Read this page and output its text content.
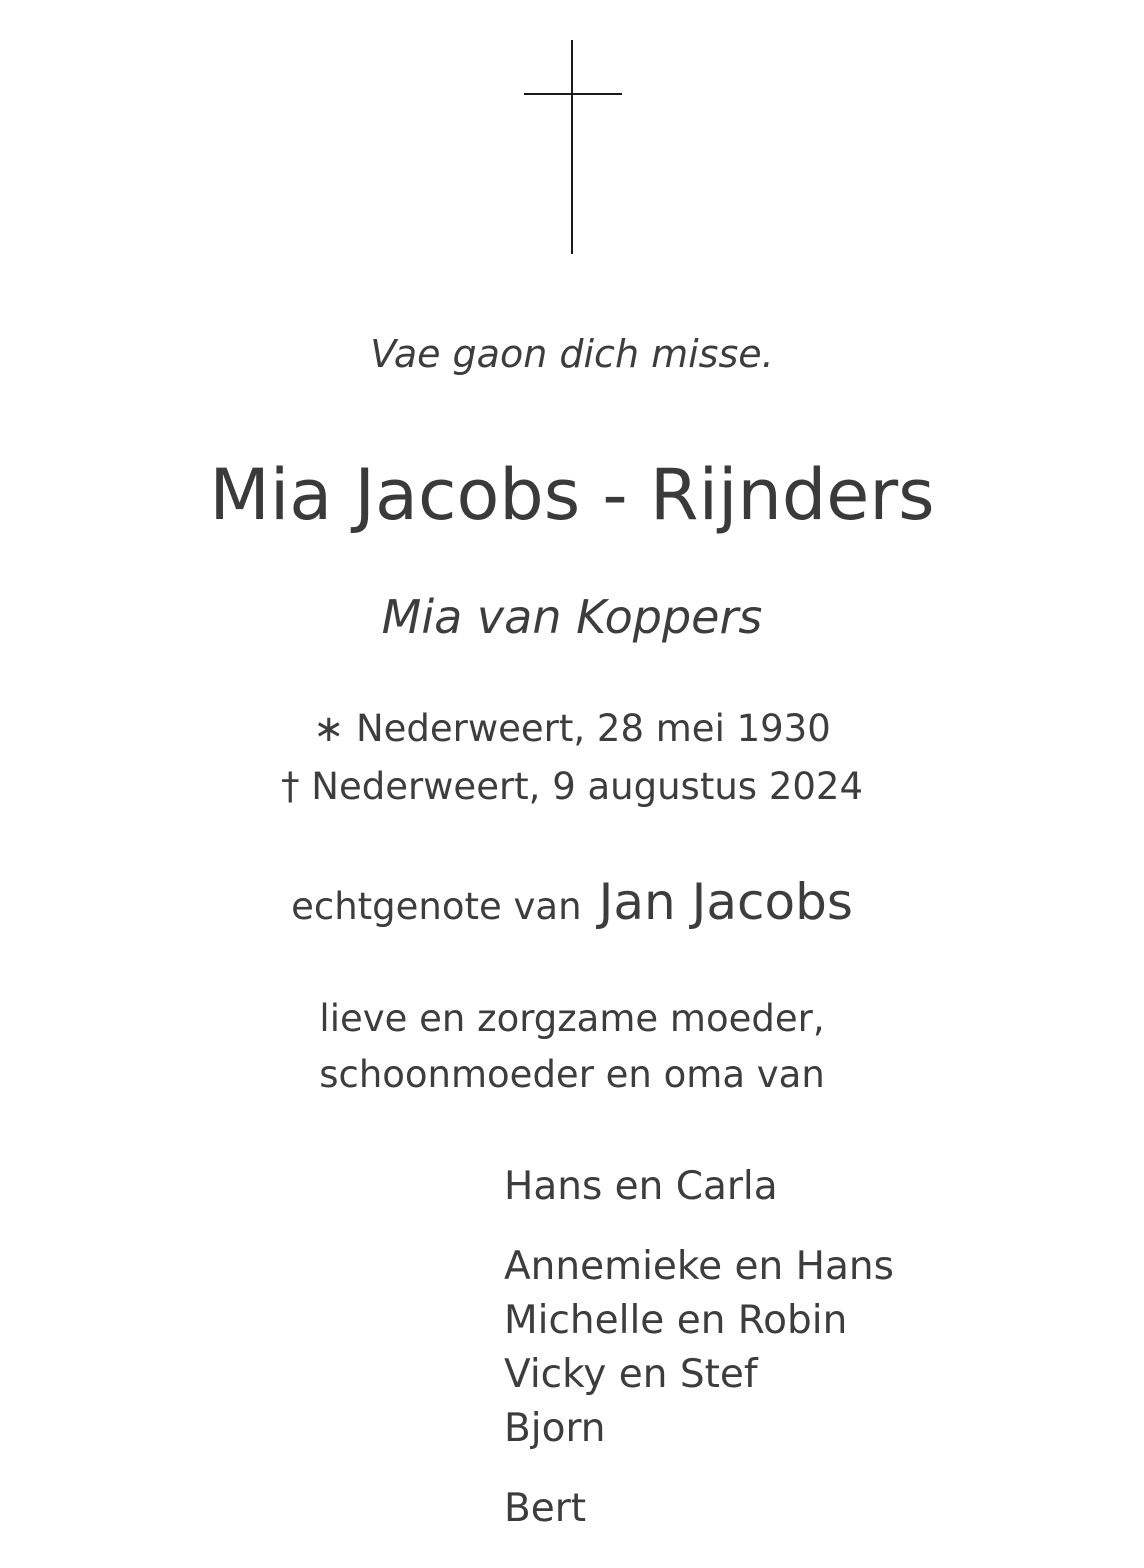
Vae gaon dich misse.

Mia Jacobs - Rijnders

Mia van Koppers

∗ Nederweert, 28 mei 1930

† Nederweert, 9 augustus 2024

echtgenote van Jan Jacobs

lieve en zorgzame moeder,

schoonmoeder en oma van

Hans en Carla
Annemieke en Hans
Michelle en Robin
Vicky en Stef
Bjorn
Bert
